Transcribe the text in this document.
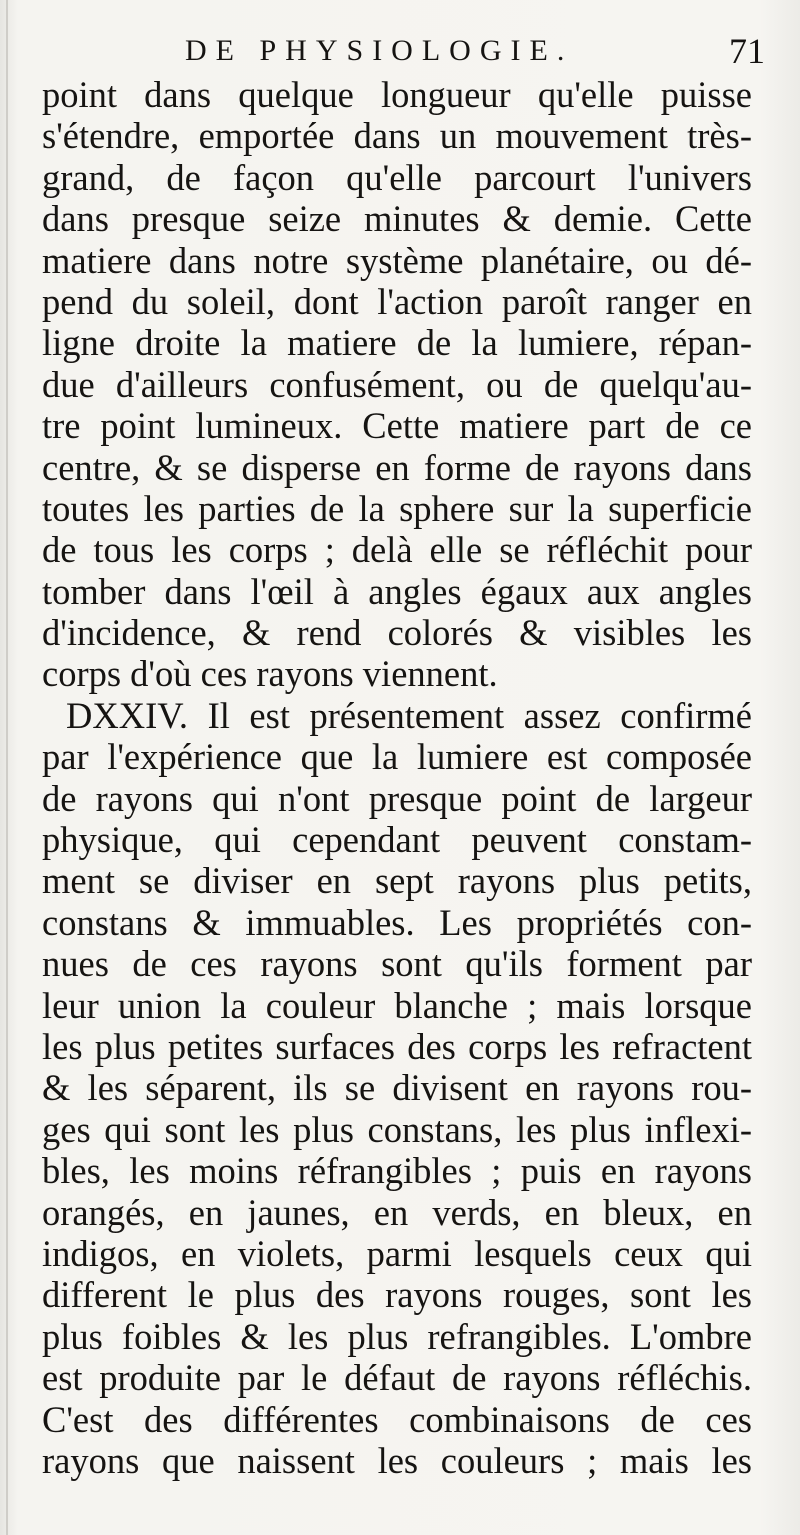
DE PHYSIOLOGIE.	71
point dans quelque longueur qu'elle puisse
s'étendre, emportée dans un mouvement très-
grand, de façon qu'elle parcourt l'univers
dans presque seize minutes & demie. Cette
matiere dans notre système planétaire, ou dé-
pend du soleil, dont l'action paroît ranger en
ligne droite la matiere de la lumiere, répan-
due d'ailleurs confusément, ou de quelqu'au-
tre point lumineux. Cette matiere part de ce
centre, & se disperse en forme de rayons dans
toutes les parties de la sphere sur la superficie
de tous les corps ; delà elle se réfléchit pour
tomber dans l'œil à angles égaux aux angles
d'incidence, & rend colorés & visibles les
corps d'où ces rayons viennent.
DXXIV. Il est présentement assez confirmé
par l'expérience que la lumiere est composée
de rayons qui n'ont presque point de largeur
physique, qui cependant peuvent constam-
ment se diviser en sept rayons plus petits,
constans & immuables. Les propriétés con-
nues de ces rayons sont qu'ils forment par
leur union la couleur blanche ; mais lorsque
les plus petites surfaces des corps les refractent
& les séparent, ils se divisent en rayons rou-
ges qui sont les plus constans, les plus inflexi-
bles, les moins réfrangibles ; puis en rayons
orangés, en jaunes, en verds, en bleux, en
indigos, en violets, parmi lesquels ceux qui
different le plus des rayons rouges, sont les
plus foibles & les plus refrangibles. L'ombre
est produite par le défaut de rayons réfléchis.
C'est des différentes combinaisons de ces
rayons que naissent les couleurs ; mais les
